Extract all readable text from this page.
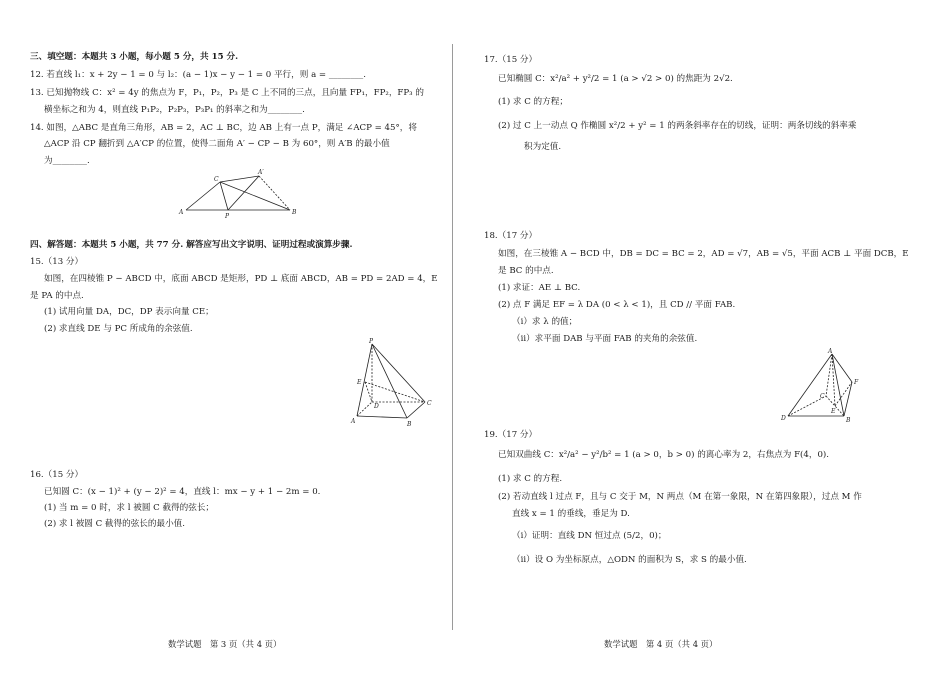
三、填空题：本题共 3 小题，每小题 5 分，共 15 分.
12. 若直线 l₁：x + 2y − 1 = 0 与 l₂：(a − 1)x − y − 1 = 0 平行，则 a = ________.
13. 已知抛物线 C：x² = 4y 的焦点为 F，P₁，P₂，P₃ 是 C 上不同的三点，且向量 FP₁，FP₂，FP₃ 的
横坐标之和为 4，则直线 P₁P₂，P₂P₃，P₃P₁ 的斜率之和为________.
14. 如图，△ABC 是直角三角形，AB = 2，AC ⊥ BC，边 AB 上有一点 P，满足 ∠ACP = 45°，将
△ACP 沿 CP 翻折到 △A′CP 的位置，使得二面角 A′ − CP − B 为 60°，则 A′B 的最小值
为________.
A	B
C
A′
P
四、解答题：本题共 5 小题，共 77 分. 解答应写出文字说明、证明过程或演算步骤.
15.（13 分）
如图，在四棱锥 P − ABCD 中，底面 ABCD 是矩形，PD ⊥ 底面 ABCD，AB = PD = 2AD = 4，E
是 PA 的中点.
(1) 试用向量 DA，DC，DP 表示向量 CE；
(2) 求直线 DE 与 PC 所成角的余弦值.
P
E
D
A	B
C
16.（15 分）
已知圆 C：(x − 1)² + (y − 2)² = 4，直线 l：mx − y + 1 − 2m = 0.
(1) 当 m = 0 时，求 l 被圆 C 截得的弦长；
(2) 求 l 被圆 C 截得的弦长的最小值.
数学试题　第 3 页（共 4 页）
17.（15 分）
已知椭圆 C：x²/a² + y²/2 = 1 (a > √2 > 0) 的焦距为 2√2.
(1) 求 C 的方程；
(2) 过 C 上一动点 Q 作椭圆 x²/2 + y² = 1 的两条斜率存在的切线，证明：两条切线的斜率乘
积为定值.
18.（17 分）
如图，在三棱锥 A − BCD 中，DB = DC = BC = 2，AD = √7，AB = √5，平面 ACB ⊥ 平面 DCB，E
是 BC 的中点.
(1) 求证：AE ⊥ BC.
(2) 点 F 满足 EF = λ DA (0 < λ < 1)，且 CD // 平面 FAB.
（ⅰ）求 λ 的值；
（ⅱ）求平面 DAB 与平面 FAB 的夹角的余弦值.
A
F
C
E
D	B
19.（17 分）
已知双曲线 C：x²/a² − y²/b² = 1 (a > 0，b > 0) 的离心率为 2，右焦点为 F(4，0).
(1) 求 C 的方程.
(2) 若动直线 l 过点 F，且与 C 交于 M，N 两点（M 在第一象限，N 在第四象限），过点 M 作
直线 x = 1 的垂线，垂足为 D.
（ⅰ）证明：直线 DN 恒过点 (5/2，0)；
（ⅱ）设 O 为坐标原点，△ODN 的面积为 S，求 S 的最小值.
数学试题　第 4 页（共 4 页）
